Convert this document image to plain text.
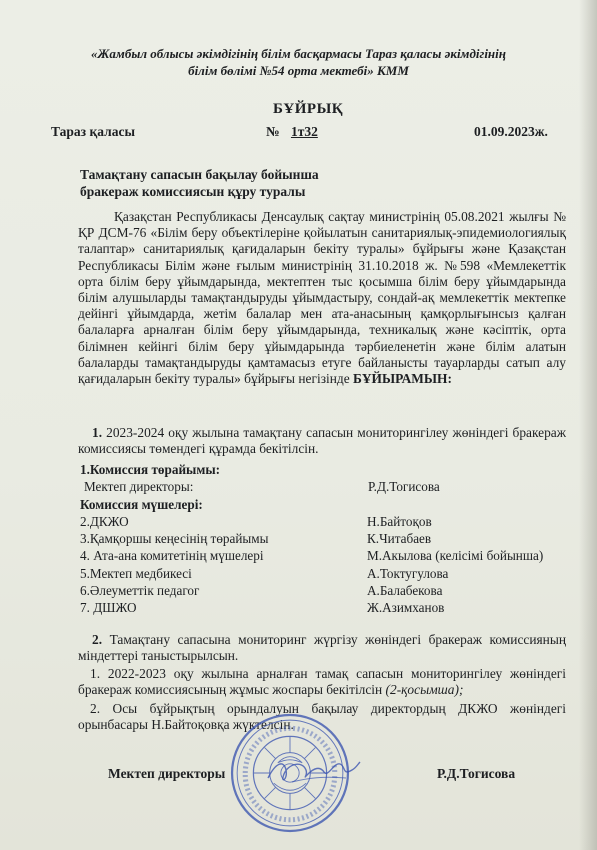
«Жамбыл облысы әкімдігінің білім басқармасы Тараз қаласы әкімдігінің
білім бөлімі №54 орта мектебі» КММ
БҰЙРЫҚ
Тараз қаласы	№ 1т32	01.09.2023ж.
Тамақтану сапасын бақылау бойынша
бракераж комиссиясын құру туралы
Қазақстан Республикасы Денсаулық сақтау министрінің 05.08.2021 жылғы № ҚР ДСМ-76 «Білім беру объектілеріне қойылатын санитариялық-эпидемиологиялық талаптар» санитариялық қағидаларын бекіту туралы» бұйрығы және Қазақстан Республикасы Білім және ғылым министрінің 31.10.2018 ж. №598 «Мемлекеттік орта білім беру ұйымдарында, мектептен тыс қосымша білім беру ұйымдарында білім алушыларды тамақтандыруды ұйымдастыру, сондай-ақ мемлекеттік мектепке дейінгі ұйымдарда, жетім балалар мен ата-анасының қамқорлығынсыз қалған балаларға арналған білім беру ұйымдарында, техникалық және кәсіптік, орта білімнен кейінгі білім беру ұйымдарында тәрбиеленетін және білім алатын балаларды тамақтандыруды қамтамасыз етуге байланысты тауарларды сатып алу қағидаларын бекіту туралы» бұйрығы негізінде БҰЙЫРАМЫН:
1. 2023-2024 оқу жылына тамақтану сапасын мониторингілеу жөніндегі бракераж комиссиясы төмендегі құрамда бекітілсін.
1.Комиссия төрайымы:
Мектеп директоры:	Р.Д.Тогисова
Комиссия мүшелері:
2.ДКЖО	Н.Байтоқов
3.Қамқоршы кеңесінің төрайымы	К.Читабаев
4. Ата-ана комитетінің мүшелері	М.Акылова (келісімі бойынша)
5.Мектеп медбикесі	А.Токтугулова
6.Әлеуметтік педагог	А.Балабекова
7. ДШЖО	Ж.Азимханов
2. Тамақтану сапасына мониторинг жүргізу жөніндегі бракераж комиссияның міндеттері таныстырылсын.
1. 2022-2023 оқу жылына арналған тамақ сапасын мониторингілеу жөніндегі бракераж комиссиясының жұмыс жоспары бекітілсін (2-қосымша);
2. Осы бұйрықтың орындалуын бақылау директордың ДКЖО жөніндегі орынбасары Н.Байтоқовқа жүктелсін.
Мектеп директоры	Р.Д.Тогисова
